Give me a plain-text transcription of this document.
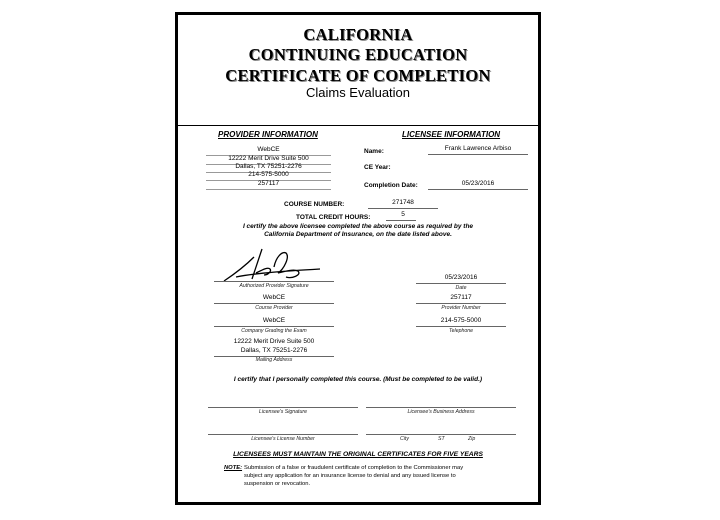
CALIFORNIA
CONTINUING EDUCATION
CERTIFICATE OF COMPLETION
Claims Evaluation
PROVIDER INFORMATION
WebCE
12222 Merit Drive Suite 500
Dallas, TX 75251-2276
214-575-5000
257117
LICENSEE INFORMATION
Name:	Frank Lawrence Arbiso
CE Year:
Completion Date:	05/23/2016
COURSE NUMBER:	271748
TOTAL CREDIT HOURS:	5
I certify the above licensee completed the above course as required by the
California Department of Insurance, on the date listed above.
Authorized Provider Signature
WebCE
Course Provider
WebCE
Company Grading the Exam
12222 Merit Drive Suite 500
Dallas, TX 75251-2276
Mailing Address
05/23/2016
Date
257117
Provider Number
214-575-5000
Telephone
I certify that I personally completed this course. (Must be completed to be valid.)
Licensee's Signature	Licensee's Business Address
Licensee's License Number	City	ST	Zip
LICENSEES MUST MAINTAIN THE ORIGINAL CERTIFICATES FOR FIVE YEARS
NOTE: Submission of a false or fraudulent certificate of completion to the Commissioner may
subject any application for an insurance license to denial and any issued license to
suspension or revocation.
